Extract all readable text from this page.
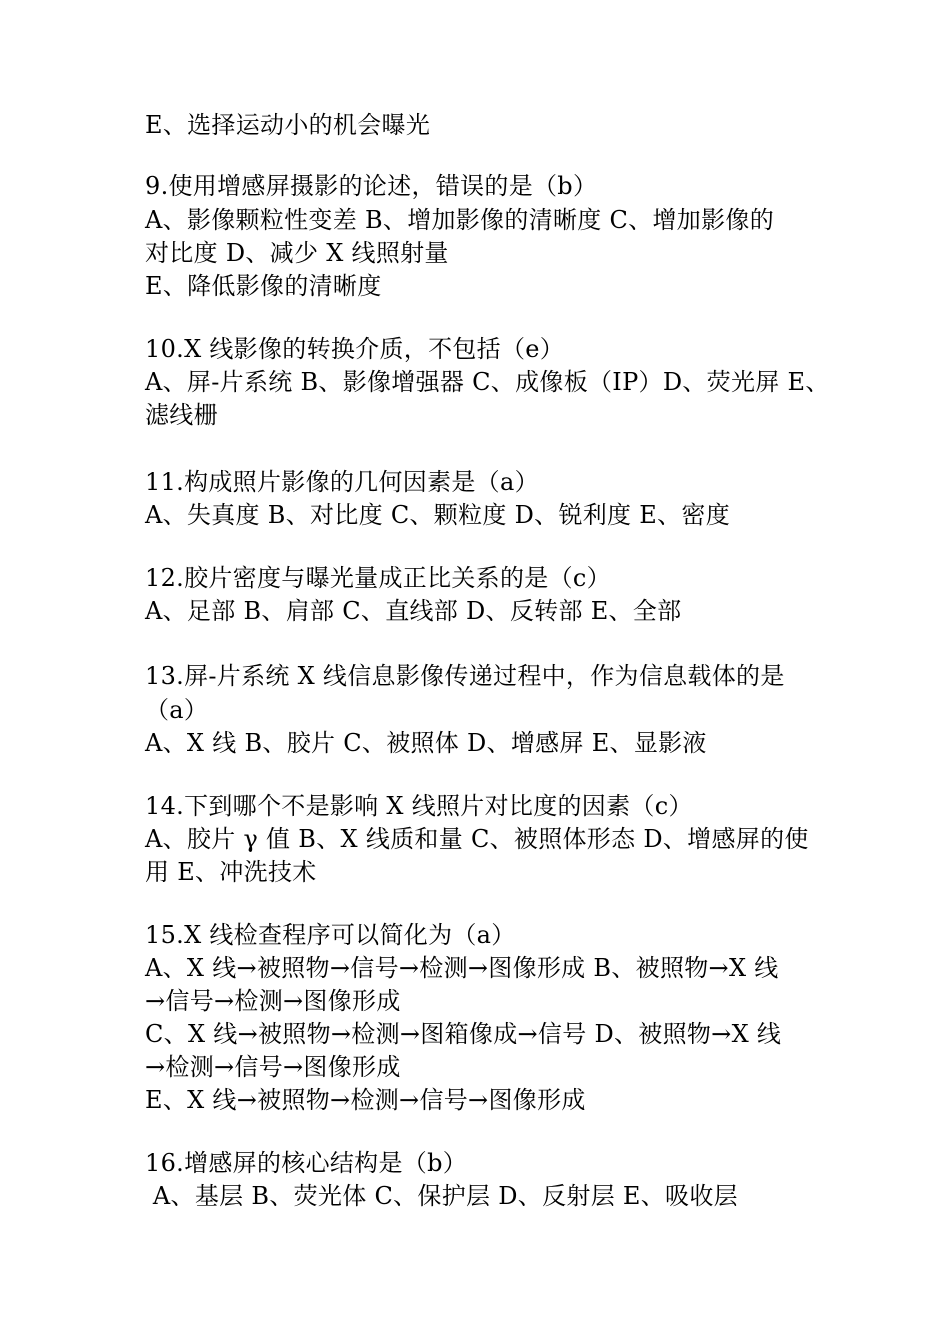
E、选择运动小的机会曝光
9.使用增感屏摄影的论述，错误的是（b）
A、影像颗粒性变差 B、增加影像的清晰度 C、增加影像的
对比度 D、减少 X 线照射量
E、降低影像的清晰度
10.X 线影像的转换介质，不包括（e）
A、屏-片系统 B、影像增强器 C、成像板（IP）D、荧光屏 E、
滤线栅
11.构成照片影像的几何因素是（a）
A、失真度 B、对比度 C、颗粒度 D、锐利度 E、密度
12.胶片密度与曝光量成正比关系的是（c）
A、足部 B、肩部 C、直线部 D、反转部 E、全部
13.屏-片系统 X 线信息影像传递过程中，作为信息载体的是
（a）
A、X 线 B、胶片 C、被照体 D、增感屏 E、显影液
14.下到哪个不是影响 X 线照片对比度的因素（c）
A、胶片 γ 值 B、X 线质和量 C、被照体形态 D、增感屏的使
用 E、冲洗技术
15.X 线检查程序可以简化为（a）
A、X 线→被照物→信号→检测→图像形成 B、被照物→X 线
→信号→检测→图像形成
C、X 线→被照物→检测→图箱像成→信号 D、被照物→X 线
→检测→信号→图像形成
E、X 线→被照物→检测→信号→图像形成
16.增感屏的核心结构是（b）
A、基层 B、荧光体 C、保护层 D、反射层 E、吸收层
